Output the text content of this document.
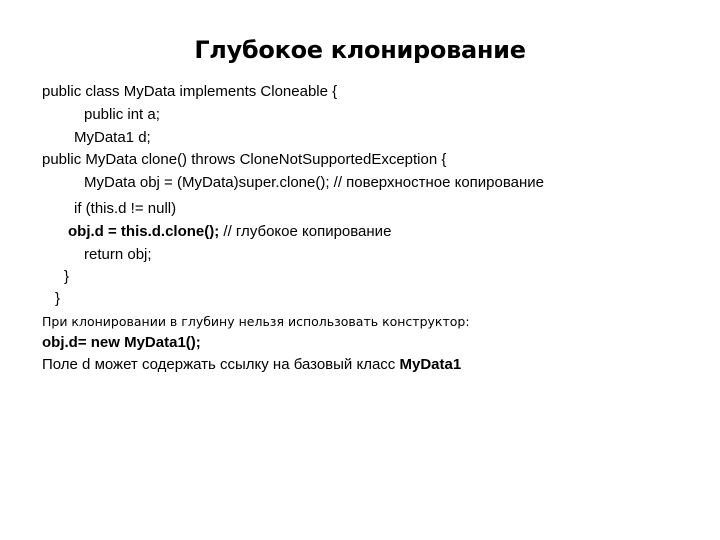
Глубокое клонирование
public class MyData implements Cloneable {
public int a;
MyData1 d;
public MyData clone() throws CloneNotSupportedException {
MyData obj = (MyData)super.clone(); // поверхностное копирование
if (this.d != null)
obj.d = this.d.clone(); // глубокое копирование
return obj;
}
}
При клонировании в глубину нельзя использовать конструктор:
obj.d= new MyData1();
Поле d может содержать ссылку на базовый класс MyData1
